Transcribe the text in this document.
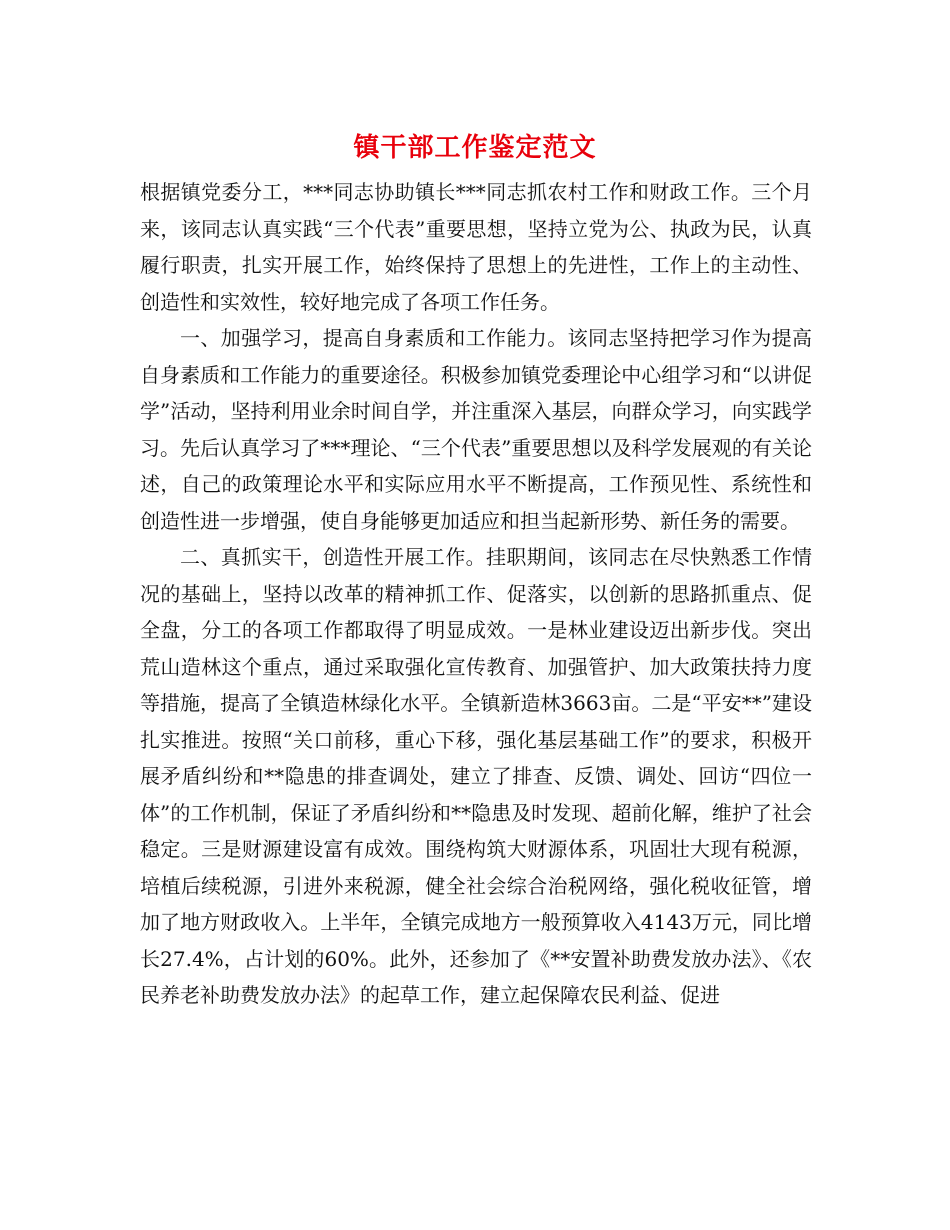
镇干部工作鉴定范文

根据镇党委分工，***同志协助镇长***同志抓农村工作和财政工作。三个月来，该同志认真实践“三个代表”重要思想，坚持立党为公、执政为民，认真履行职责，扎实开展工作，始终保持了思想上的先进性，工作上的主动性、创造性和实效性，较好地完成了各项工作任务。

一、加强学习，提高自身素质和工作能力。该同志坚持把学习作为提高自身素质和工作能力的重要途径。积极参加镇党委理论中心组学习和“以讲促学”活动，坚持利用业余时间自学，并注重深入基层，向群众学习，向实践学习。先后认真学习了***理论、“三个代表”重要思想以及科学发展观的有关论述，自己的政策理论水平和实际应用水平不断提高，工作预见性、系统性和创造性进一步增强，使自身能够更加适应和担当起新形势、新任务的需要。

二、真抓实干，创造性开展工作。挂职期间，该同志在尽快熟悉工作情况的基础上，坚持以改革的精神抓工作、促落实，以创新的思路抓重点、促全盘，分工的各项工作都取得了明显成效。一是林业建设迈出新步伐。突出荒山造林这个重点，通过采取强化宣传教育、加强管护、加大政策扶持力度等措施，提高了全镇造林绿化水平。全镇新造林3663亩。二是“平安**”建设扎实推进。按照“关口前移，重心下移，强化基层基础工作”的要求，积极开展矛盾纠纷和**隐患的排查调处，建立了排查、反馈、调处、回访“四位一体”的工作机制，保证了矛盾纠纷和**隐患及时发现、超前化解，维护了社会稳定。三是财源建设富有成效。围绕构筑大财源体系，巩固壮大现有税源，培植后续税源，引进外来税源，健全社会综合治税网络，强化税收征管，增加了地方财政收入。上半年，全镇完成地方一般预算收入4143万元，同比增长27.4%，占计划的60%。此外，还参加了《**安置补助费发放办法》、《农民养老补助费发放办法》的起草工作，建立起保障农民利益、促进
